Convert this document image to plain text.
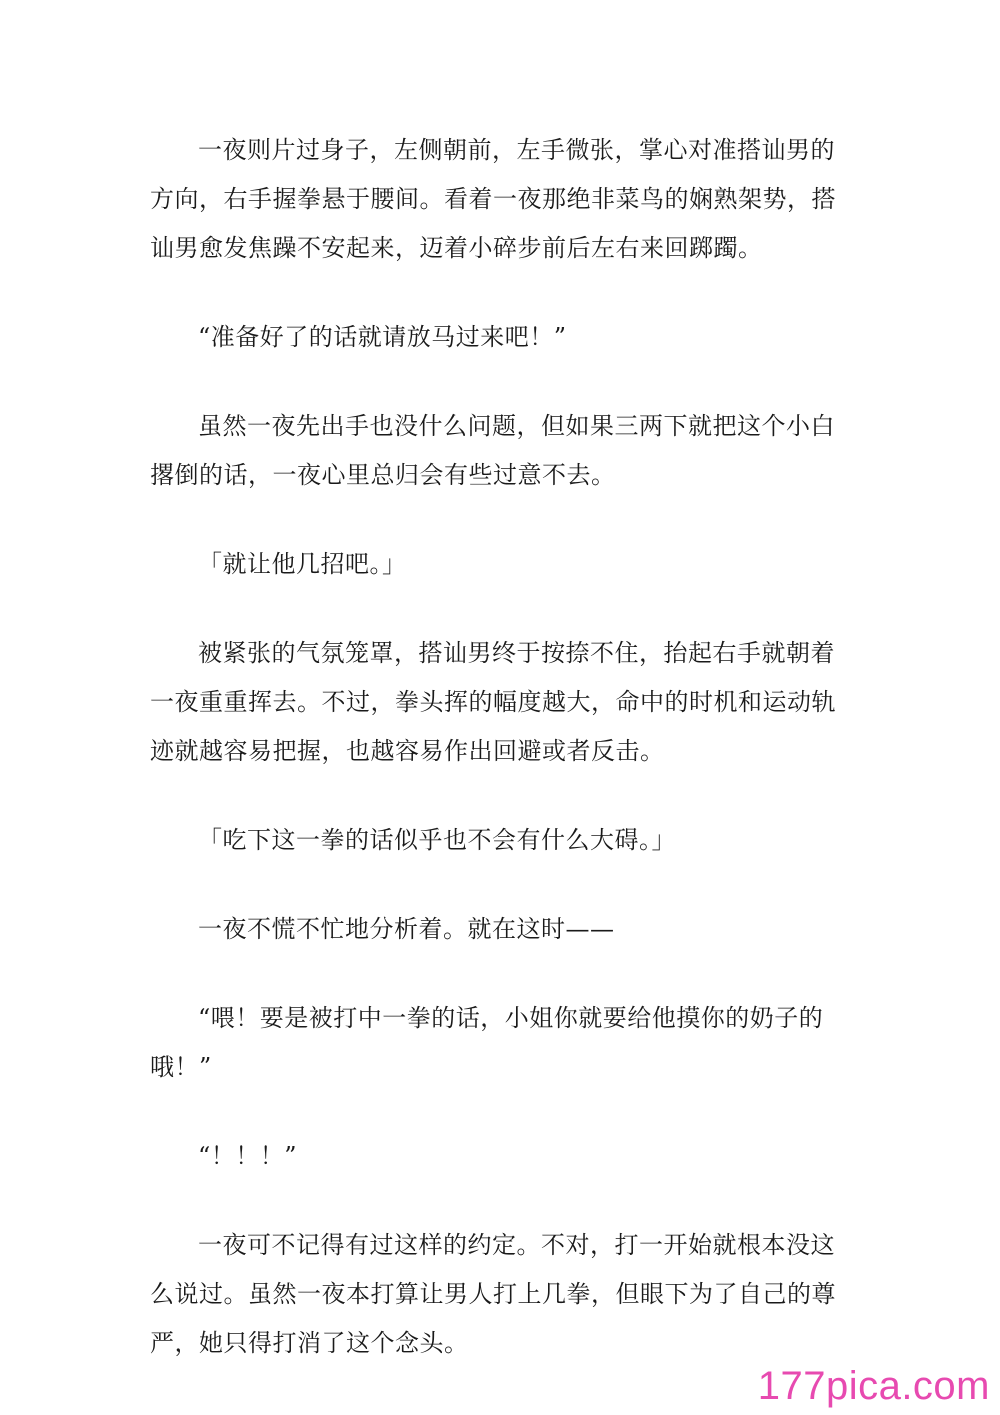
一夜则片过身子，左侧朝前，左手微张，掌心对准搭讪男的方向，右手握拳悬于腰间。看着一夜那绝非菜鸟的娴熟架势，搭讪男愈发焦躁不安起来，迈着小碎步前后左右来回踯躅。

“准备好了的话就请放马过来吧！”

虽然一夜先出手也没什么问题，但如果三两下就把这个小白撂倒的话，一夜心里总归会有些过意不去。

「就让他几招吧。」

被紧张的气氛笼罩，搭讪男终于按捺不住，抬起右手就朝着一夜重重挥去。不过，拳头挥的幅度越大，命中的时机和运动轨迹就越容易把握，也越容易作出回避或者反击。

「吃下这一拳的话似乎也不会有什么大碍。」

一夜不慌不忙地分析着。就在这时——

“喂！要是被打中一拳的话，小姐你就要给他摸你的奶子的哦！”

“！！！”

一夜可不记得有过这样的约定。不对，打一开始就根本没这么说过。虽然一夜本打算让男人打上几拳，但眼下为了自己的尊严，她只得打消了这个念头。

177pica.com
